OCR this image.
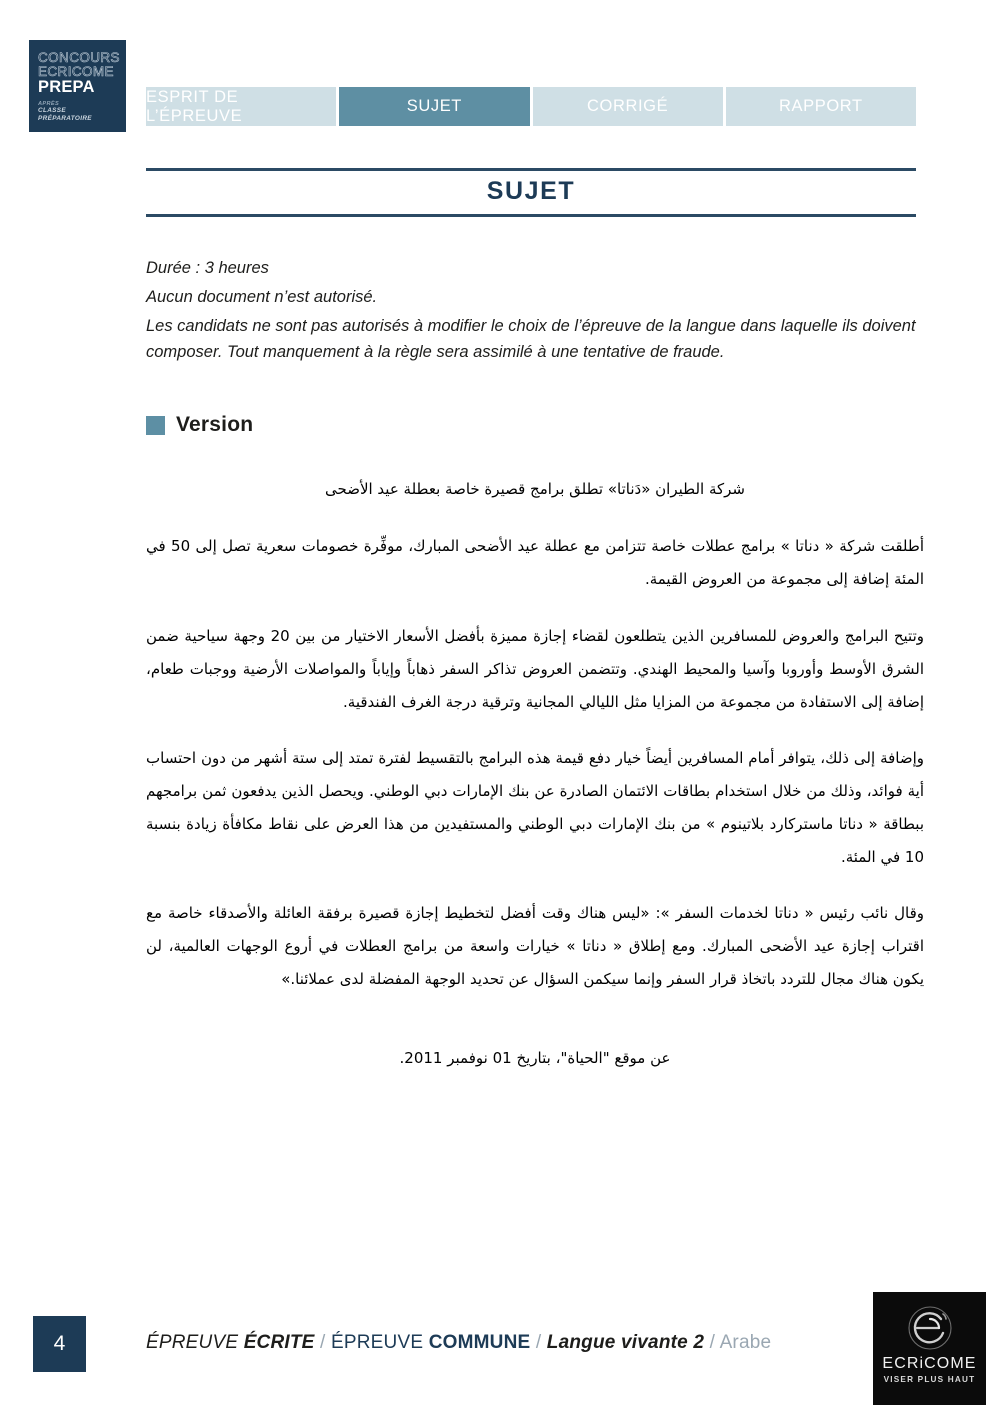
CONCOURS
ECRICOME
PREPA
APRÈS
CLASSE PRÉPARATOIRE
ESPRIT DE L’ÉPREUVE
SUJET	CORRIGÉ	RAPPORT
SUJET

Durée : 3 heures

Aucun document n’est autorisé.

Les candidats ne sont pas autorisés à modifier le choix de l’épreuve de la langue dans laquelle ils doivent composer. Tout manquement à la règle sera assimilé à une tentative de fraude.

Version

شركة الطيران «دَناتا» تطلق برامج قصيرة خاصة بعطلة عيد الأضحى

أطلقت شركة « دناتا » برامج عطلات خاصة تتزامن مع عطلة عيد الأضحى المبارك، موفِّرة خصومات سعرية تصل إلى 50 في المئة إضافة إلى مجموعة من العروض القيمة.

وتتيح البرامج والعروض للمسافرين الذين يتطلعون لقضاء إجازة مميزة بأفضل الأسعار الاختيار من بين 20 وجهة سياحية ضمن الشرق الأوسط وأوروبا وآسيا والمحيط الهندي. وتتضمن العروض تذاكر السفر ذهاباً وإياباً والمواصلات الأرضية ووجبات طعام، إضافة إلى الاستفادة من مجموعة من المزايا مثل الليالي المجانية وترقية درجة الغرف الفندقية.

وإضافة إلى ذلك، يتوافر أمام المسافرين أيضاً خيار دفع قيمة هذه البرامج بالتقسيط لفترة تمتد إلى ستة أشهر من دون احتساب أية فوائد، وذلك من خلال استخدام بطاقات الائتمان الصادرة عن بنك الإمارات دبي الوطني. ويحصل الذين يدفعون ثمن برامجهم ببطاقة « دناتا ماستركارد بلاتينوم » من بنك الإمارات دبي الوطني والمستفيدين من هذا العرض على نقاط مكافأة زيادة بنسبة 10 في المئة.

وقال نائب رئيس « دناتا لخدمات السفر »: «ليس هناك وقت أفضل لتخطيط إجازة قصيرة برفقة العائلة والأصدقاء خاصة مع اقتراب إجازة عيد الأضحى المبارك. ومع إطلاق « دناتا » خيارات واسعة من برامج العطلات في أروع الوجهات العالمية، لن يكون هناك مجال للتردد باتخاذ قرار السفر وإنما سيكمن السؤال عن تحديد الوجهة المفضلة لدى عملائنا.»

عن موقع "الحياة"، بتاريخ 01 نوفمبر 2011.

4	ÉPREUVE ÉCRITE / ÉPREUVE COMMUNE / Langue vivante 2 / Arabe
ECRiCOME
VISER PLUS HAUT
